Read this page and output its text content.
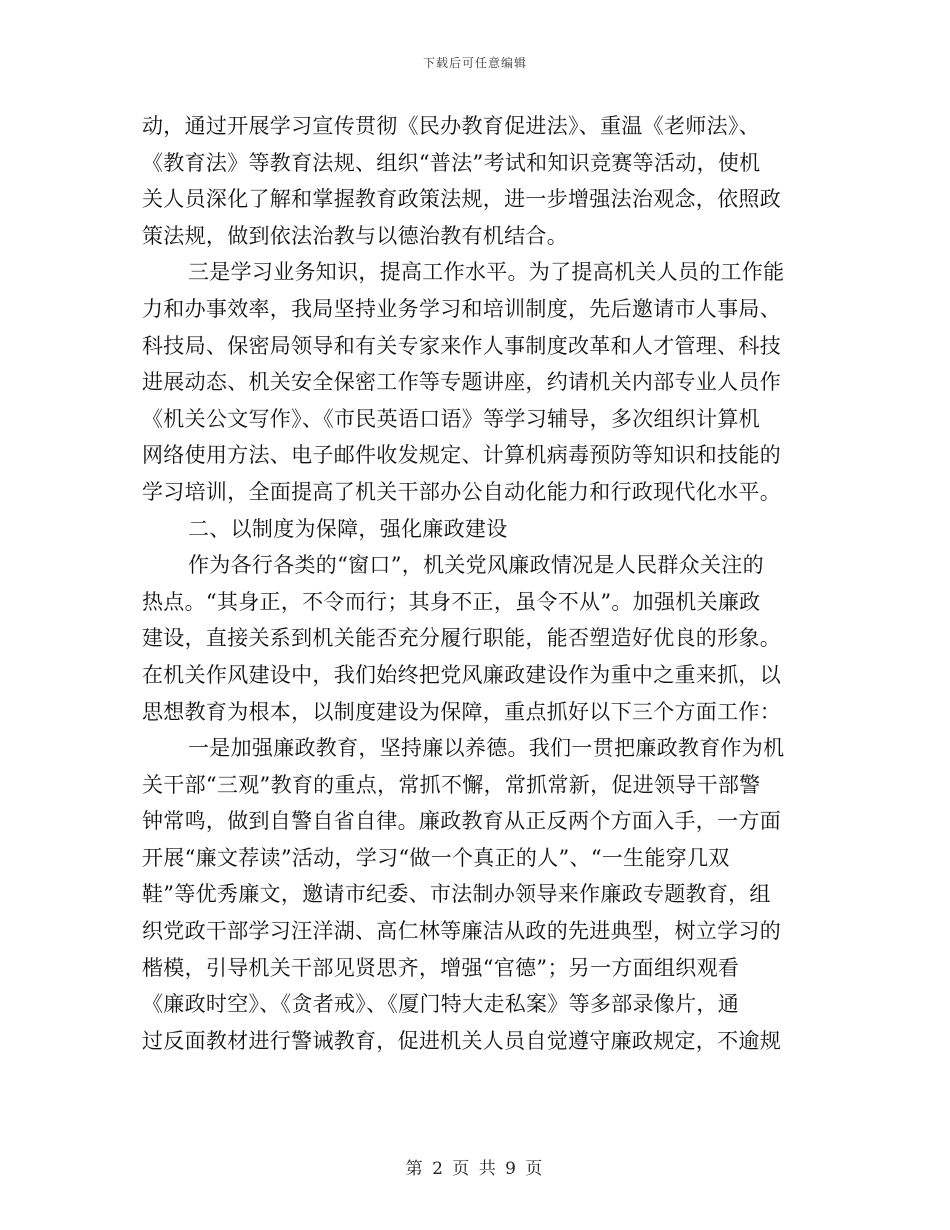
下载后可任意编辑
动，通过开展学习宣传贯彻《民办教育促进法》、重温《老师法》、
《教育法》等教育法规、组织“普法”考试和知识竞赛等活动，使机
关人员深化了解和掌握教育政策法规，进一步增强法治观念，依照政
策法规，做到依法治教与以德治教有机结合。
三是学习业务知识，提高工作水平。为了提高机关人员的工作能
力和办事效率，我局坚持业务学习和培训制度，先后邀请市人事局、
科技局、保密局领导和有关专家来作人事制度改革和人才管理、科技
进展动态、机关安全保密工作等专题讲座，约请机关内部专业人员作
《机关公文写作》、《市民英语口语》等学习辅导，多次组织计算机
网络使用方法、电子邮件收发规定、计算机病毒预防等知识和技能的
学习培训，全面提高了机关干部办公自动化能力和行政现代化水平。
二、以制度为保障，强化廉政建设
作为各行各类的“窗口”，机关党风廉政情况是人民群众关注的
热点。“其身正，不令而行；其身不正，虽令不从”。加强机关廉政
建设，直接关系到机关能否充分履行职能，能否塑造好优良的形象。
在机关作风建设中，我们始终把党风廉政建设作为重中之重来抓，以
思想教育为根本，以制度建设为保障，重点抓好以下三个方面工作：
一是加强廉政教育，坚持廉以养德。我们一贯把廉政教育作为机
关干部“三观”教育的重点，常抓不懈，常抓常新，促进领导干部警
钟常鸣，做到自警自省自律。廉政教育从正反两个方面入手，一方面
开展“廉文荐读”活动，学习“做一个真正的人”、“一生能穿几双
鞋”等优秀廉文，邀请市纪委、市法制办领导来作廉政专题教育，组
织党政干部学习汪洋湖、高仁林等廉洁从政的先进典型，树立学习的
楷模，引导机关干部见贤思齐，增强“官德”；另一方面组织观看
《廉政时空》、《贪者戒》、《厦门特大走私案》等多部录像片，通
过反面教材进行警诫教育，促进机关人员自觉遵守廉政规定，不逾规
第 2 页 共 9 页
